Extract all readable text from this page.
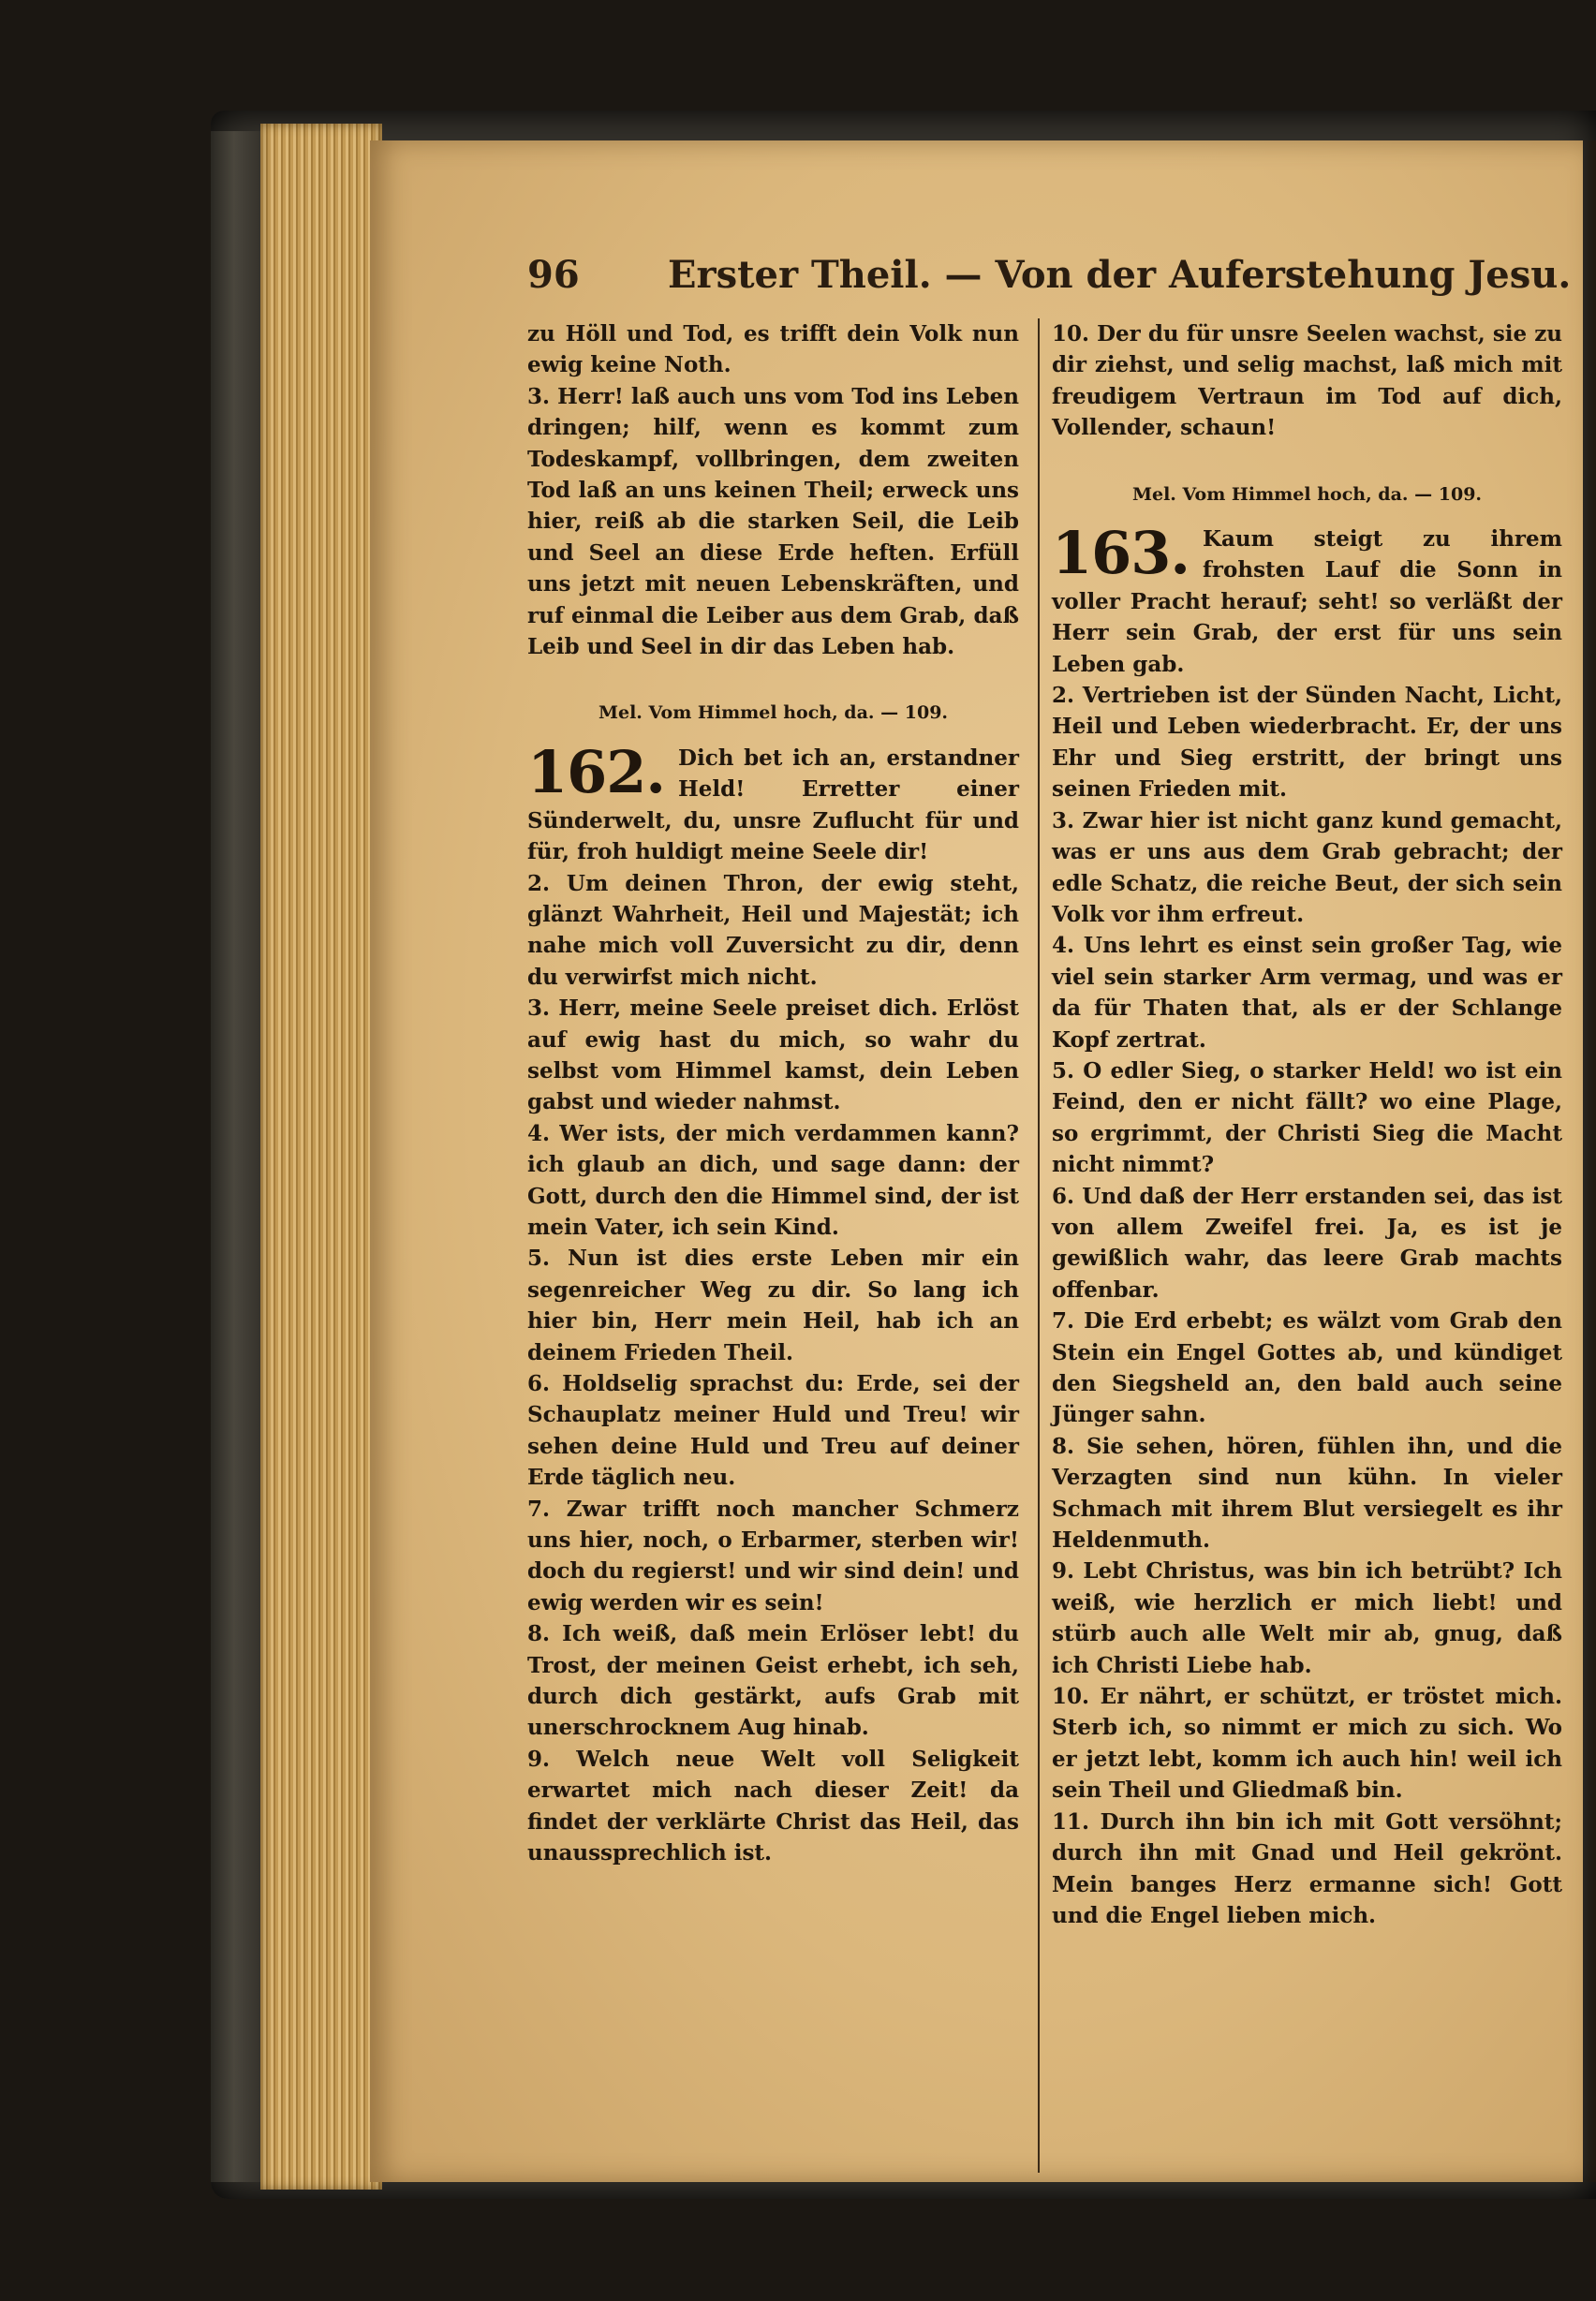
96 Erster Theil. — Von der Auferstehung Jesu.

zu Höll und Tod, es trifft dein Volk nun ewig keine Noth.

3. Herr! laß auch uns vom Tod ins Leben dringen; hilf, wenn es kommt zum Todeskampf, vollbringen, dem zweiten Tod laß an uns keinen Theil; erweck uns hier, reiß ab die starken Seil, die Leib und Seel an diese Erde heften. Erfüll uns jetzt mit neuen Lebenskräften, und ruf einmal die Leiber aus dem Grab, daß Leib und Seel in dir das Leben hab.

Mel. Vom Himmel hoch, da. — 109.

162. Dich bet ich an, erstandner Held! Erretter einer Sünderwelt, du, unsre Zuflucht für und für, froh huldigt meine Seele dir!

2. Um deinen Thron, der ewig steht, glänzt Wahrheit, Heil und Majestät; ich nahe mich voll Zuversicht zu dir, denn du verwirfst mich nicht.

3. Herr, meine Seele preiset dich. Erlöst auf ewig hast du mich, so wahr du selbst vom Himmel kamst, dein Leben gabst und wieder nahmst.

4. Wer ists, der mich verdammen kann? ich glaub an dich, und sage dann: der Gott, durch den die Himmel sind, der ist mein Vater, ich sein Kind.

5. Nun ist dies erste Leben mir ein segenreicher Weg zu dir. So lang ich hier bin, Herr mein Heil, hab ich an deinem Frieden Theil.

6. Holdselig sprachst du: Erde, sei der Schauplatz meiner Huld und Treu! wir sehen deine Huld und Treu auf deiner Erde täglich neu.

7. Zwar trifft noch mancher Schmerz uns hier, noch, o Erbarmer, sterben wir! doch du regierst! und wir sind dein! und ewig werden wir es sein!

8. Ich weiß, daß mein Erlöser lebt! du Trost, der meinen Geist erhebt, ich seh, durch dich gestärkt, aufs Grab mit unerschrocknem Aug hinab.

9. Welch neue Welt voll Seligkeit erwartet mich nach dieser Zeit! da findet der verklärte Christ das Heil, das unaussprechlich ist.

10. Der du für unsre Seelen wachst, sie zu dir ziehst, und selig machst, laß mich mit freudigem Vertraun im Tod auf dich, Vollender, schaun!

Mel. Vom Himmel hoch, da. — 109.

163. Kaum steigt zu ihrem frohsten Lauf die Sonn in voller Pracht herauf; seht! so verläßt der Herr sein Grab, der erst für uns sein Leben gab.

2. Vertrieben ist der Sünden Nacht, Licht, Heil und Leben wiederbracht. Er, der uns Ehr und Sieg erstritt, der bringt uns seinen Frieden mit.

3. Zwar hier ist nicht ganz kund gemacht, was er uns aus dem Grab gebracht; der edle Schatz, die reiche Beut, der sich sein Volk vor ihm erfreut.

4. Uns lehrt es einst sein großer Tag, wie viel sein starker Arm vermag, und was er da für Thaten that, als er der Schlange Kopf zertrat.

5. O edler Sieg, o starker Held! wo ist ein Feind, den er nicht fällt? wo eine Plage, so ergrimmt, der Christi Sieg die Macht nicht nimmt?

6. Und daß der Herr erstanden sei, das ist von allem Zweifel frei. Ja, es ist je gewißlich wahr, das leere Grab machts offenbar.

7. Die Erd erbebt; es wälzt vom Grab den Stein ein Engel Gottes ab, und kündiget den Siegsheld an, den bald auch seine Jünger sahn.

8. Sie sehen, hören, fühlen ihn, und die Verzagten sind nun kühn. In vieler Schmach mit ihrem Blut versiegelt es ihr Heldenmuth.

9. Lebt Christus, was bin ich betrübt? Ich weiß, wie herzlich er mich liebt! und stürb auch alle Welt mir ab, gnug, daß ich Christi Liebe hab.

10. Er nährt, er schützt, er tröstet mich. Sterb ich, so nimmt er mich zu sich. Wo er jetzt lebt, komm ich auch hin! weil ich sein Theil und Gliedmaß bin.

11. Durch ihn bin ich mit Gott versöhnt; durch ihn mit Gnad und Heil gekrönt. Mein banges Herz ermanne sich! Gott und die Engel lieben mich.
